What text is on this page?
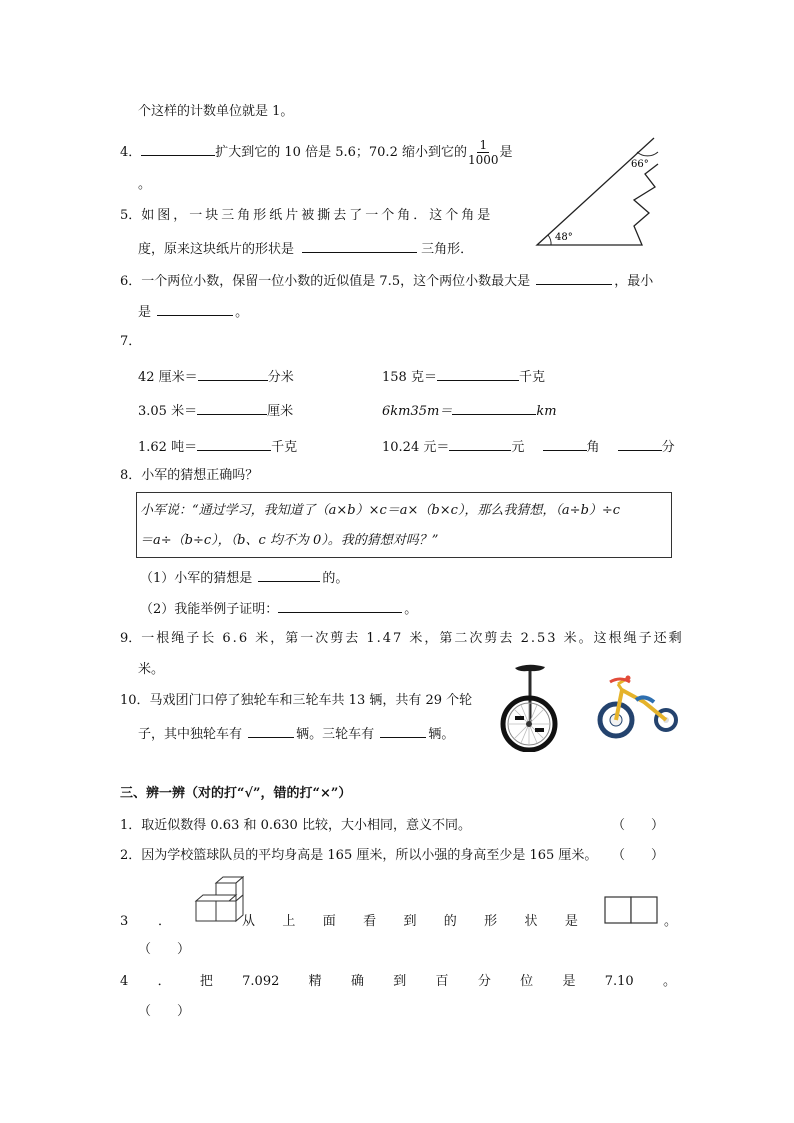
个这样的计数单位就是 1。
4．	扩大到它的 10 倍是 5.6；70.2 缩小到它的 $\frac{1}{1000}$ 是
。
5．如图，一块三角形纸片被撕去了一个角．这个角是
度，原来这块纸片的形状是	三角形．
66°
48°
6．一个两位小数，保留一位小数的近似值是 7.5，这个两位小数最大是	，最小
是	。
7．
42 厘米＝	分米	158 克＝	千克
3.05 米＝	厘米	6km35m＝	km
1.62 吨＝	千克	10.24 元＝	元	角	分
8．小军的猜想正确吗？
小军说：“通过学习，我知道了（a×b）×c＝a×（b×c），那么我猜想，（a÷b）÷c
＝a÷（b÷c），（b、c 均不为 0）。我的猜想对吗？”
（1）小军的猜想是	的。
（2）我能举例子证明：	。
9．一根绳子长 6.6 米，第一次剪去 1.47 米，第二次剪去 2.53 米。这根绳子还剩
米。
10．马戏团门口停了独轮车和三轮车共 13 辆，共有 29 个轮
子，其中独轮车有	辆。三轮车有	辆。
三、辨一辨（对的打“√”，错的打“×”）
1．取近似数得 0.63 和 0.630 比较，大小相同，意义不同。	（　　）
2．因为学校篮球队员的平均身高是 165 厘米，所以小强的身高至少是 165 厘米。 （　　）
3 ．	从 上 面 看 到 的 形 状 是	。
（　　）
4 ． 把 7.092 精 确 到 百 分 位 是 7.10 。
（　　）
